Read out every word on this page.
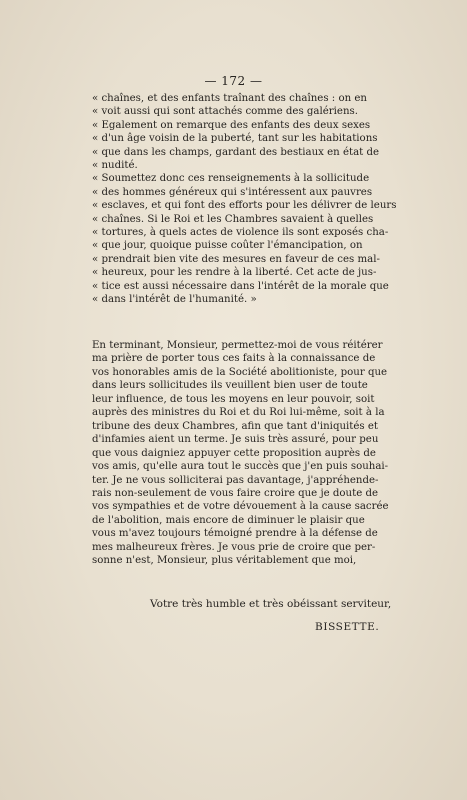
— 172 —
« chaînes, et des enfants traînant des chaînes : on en
« voit aussi qui sont attachés comme des galériens.
« Egalement on remarque des enfants des deux sexes
« d'un âge voisin de la puberté, tant sur les habitations
« que dans les champs, gardant des bestiaux en état de
« nudité.
« Soumettez donc ces renseignements à la sollicitude
« des hommes généreux qui s'intéressent aux pauvres
« esclaves, et qui font des efforts pour les délivrer de leurs
« chaînes. Si le Roi et les Chambres savaient à quelles
« tortures, à quels actes de violence ils sont exposés cha-
« que jour, quoique puisse coûter l'émancipation, on
« prendrait bien vite des mesures en faveur de ces mal-
« heureux, pour les rendre à la liberté. Cet acte de jus-
« tice est aussi nécessaire dans l'intérêt de la morale que
« dans l'intérêt de l'humanité. »
En terminant, Monsieur, permettez-moi de vous réitérer
ma prière de porter tous ces faits à la connaissance de
vos honorables amis de la Société abolitioniste, pour que
dans leurs sollicitudes ils veuillent bien user de toute
leur influence, de tous les moyens en leur pouvoir, soit
auprès des ministres du Roi et du Roi lui-même, soit à la
tribune des deux Chambres, afin que tant d'iniquités et
d'infamies aient un terme. Je suis très assuré, pour peu
que vous daigniez appuyer cette proposition auprès de
vos amis, qu'elle aura tout le succès que j'en puis souhai-
ter. Je ne vous solliciterai pas davantage, j'appréhende-
rais non-seulement de vous faire croire que je doute de
vos sympathies et de votre dévouement à la cause sacrée
de l'abolition, mais encore de diminuer le plaisir que
vous m'avez toujours témoigné prendre à la défense de
mes malheureux frères. Je vous prie de croire que per-
sonne n'est, Monsieur, plus véritablement que moi,
Votre très humble et très obéissant serviteur,
BISSETTE.
